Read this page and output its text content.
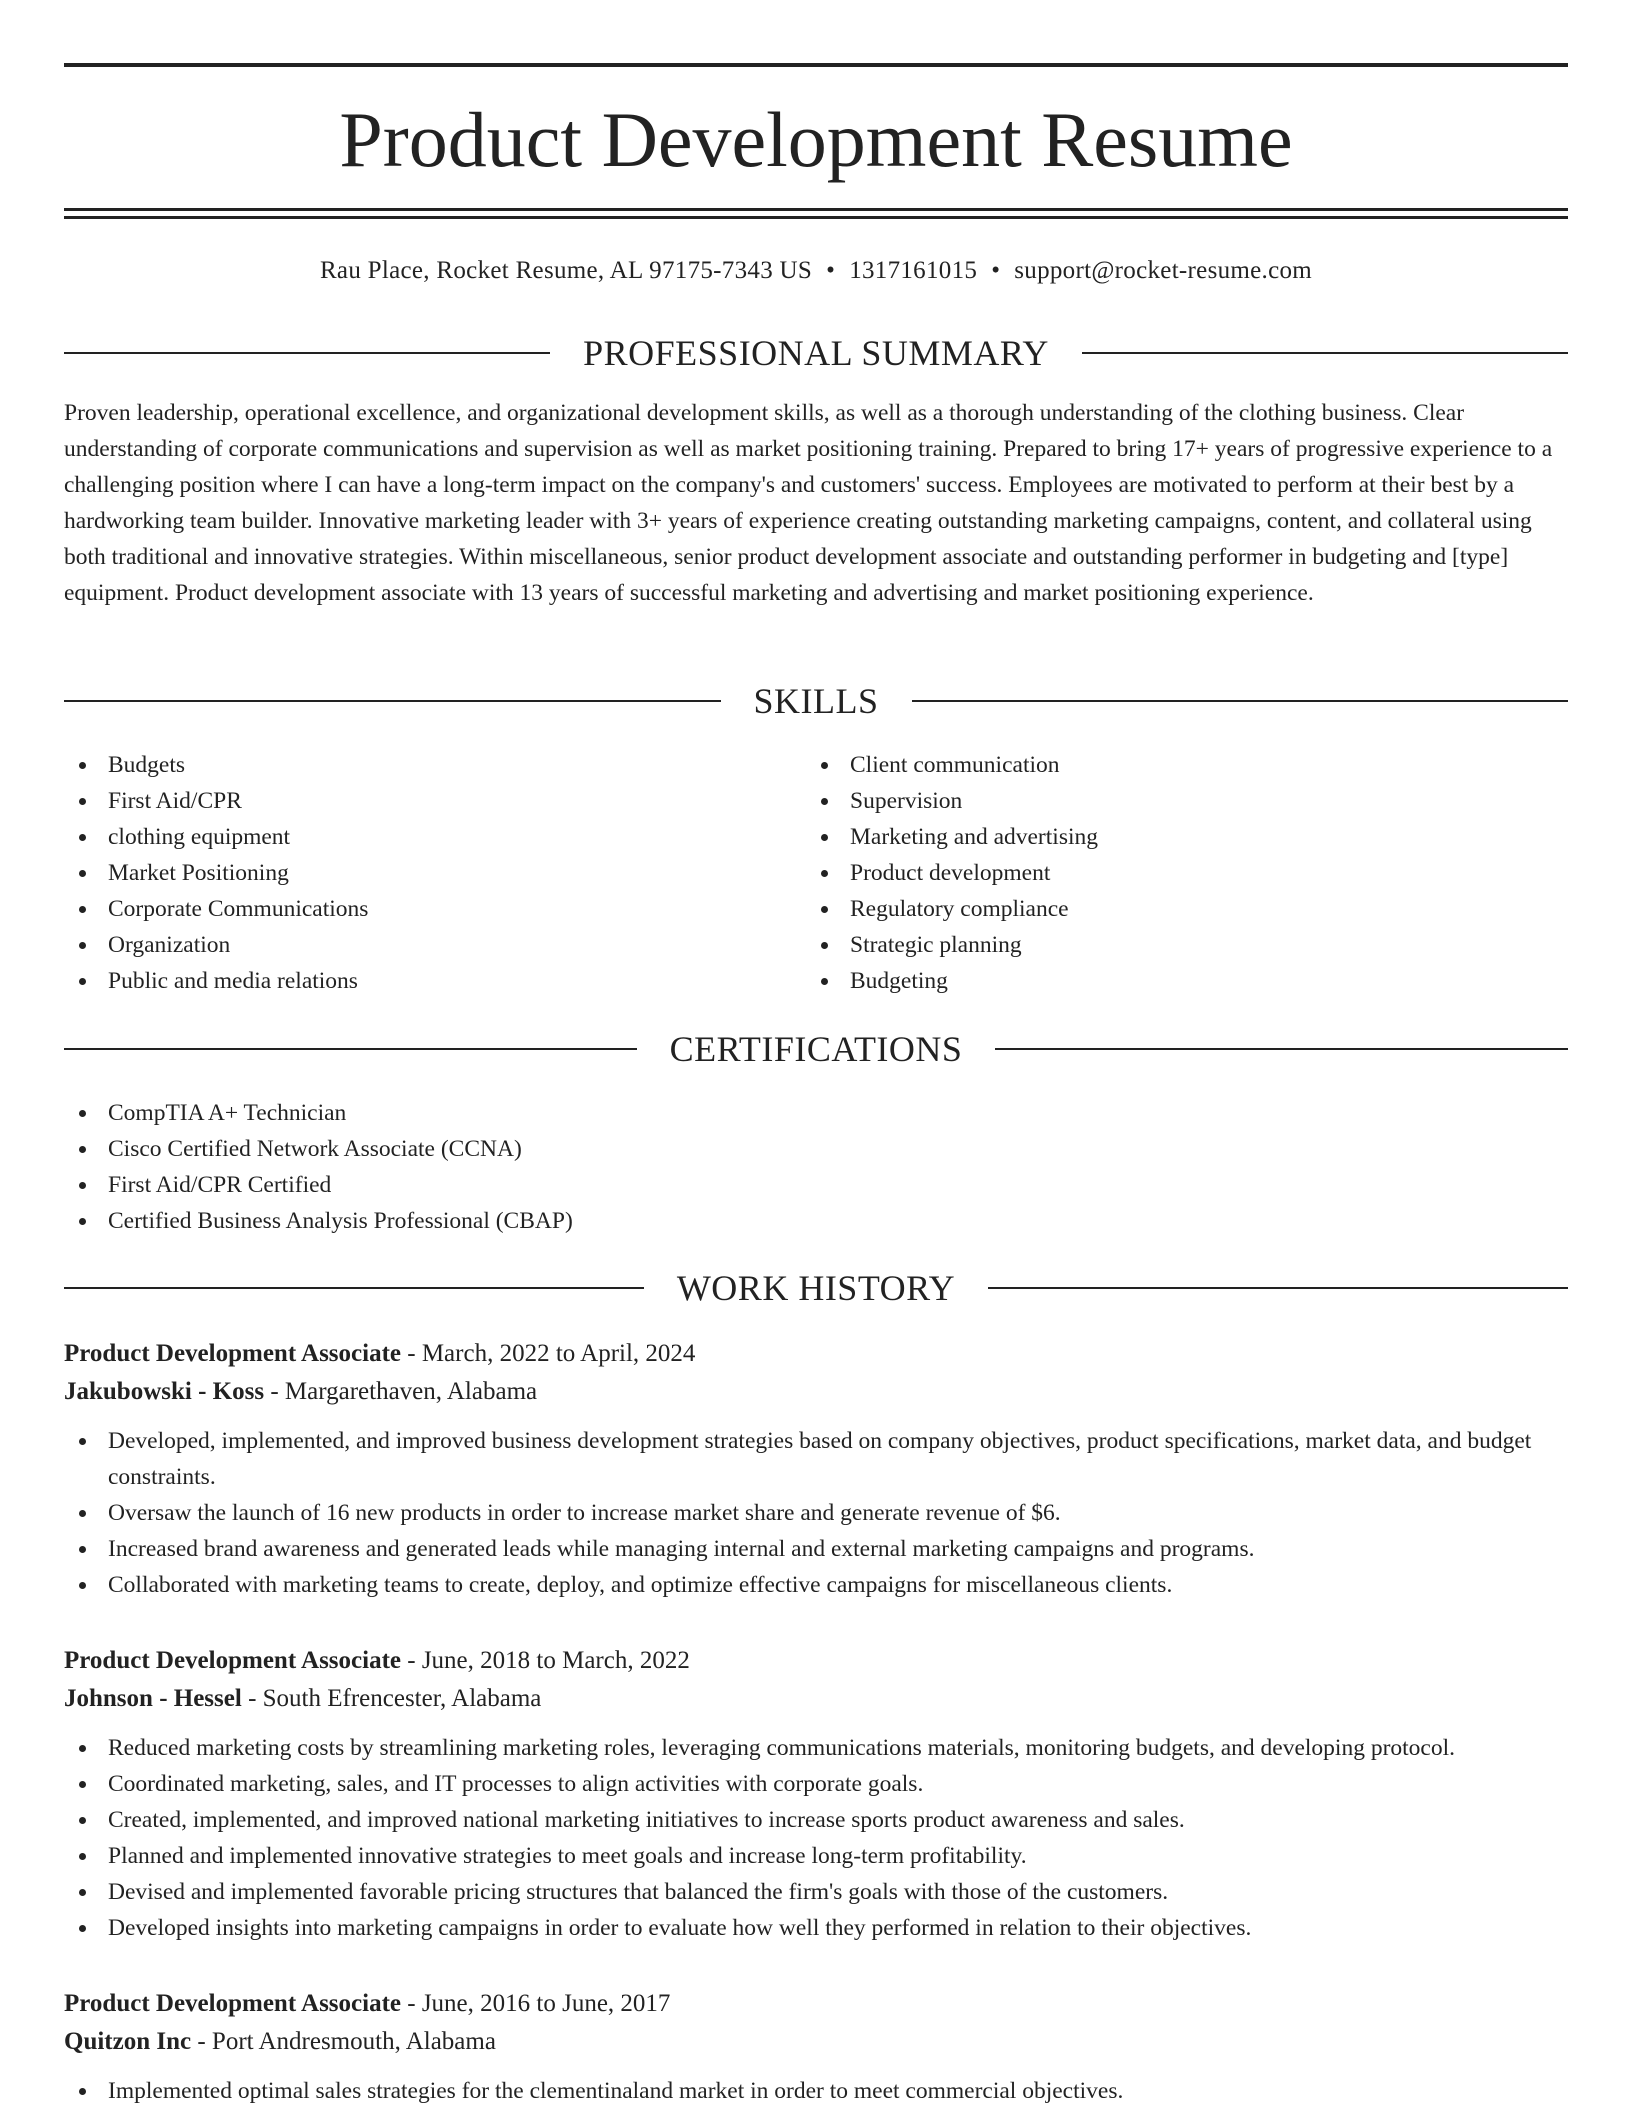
Product Development Resume
Rau Place, Rocket Resume, AL 97175-7343 US • 1317161015 • support@rocket-resume.com
PROFESSIONAL SUMMARY

Proven leadership, operational excellence, and organizational development skills, as well as a thorough understanding of the clothing business. Clear understanding of corporate communications and supervision as well as market positioning training. Prepared to bring 17+ years of progressive experience to a challenging position where I can have a long-term impact on the company's and customers' success. Employees are motivated to perform at their best by a hardworking team builder. Innovative marketing leader with 3+ years of experience creating outstanding marketing campaigns, content, and collateral using both traditional and innovative strategies. Within miscellaneous, senior product development associate and outstanding performer in budgeting and [type] equipment. Product development associate with 13 years of successful marketing and advertising and market positioning experience.

SKILLS
Budgets
First Aid/CPR
clothing equipment
Market Positioning
Corporate Communications
Organization
Public and media relations
Client communication
Supervision
Marketing and advertising
Product development
Regulatory compliance
Strategic planning
Budgeting
CERTIFICATIONS
CompTIA A+ Technician
Cisco Certified Network Associate (CCNA)
First Aid/CPR Certified
Certified Business Analysis Professional (CBAP)
WORK HISTORY
Product Development Associate - March, 2022 to April, 2024
Jakubowski - Koss - Margarethaven, Alabama
Developed, implemented, and improved business development strategies based on company objectives, product specifications, market data, and budget constraints.
Oversaw the launch of 16 new products in order to increase market share and generate revenue of $6.
Increased brand awareness and generated leads while managing internal and external marketing campaigns and programs.
Collaborated with marketing teams to create, deploy, and optimize effective campaigns for miscellaneous clients.
Product Development Associate - June, 2018 to March, 2022
Johnson - Hessel - South Efrencester, Alabama
Reduced marketing costs by streamlining marketing roles, leveraging communications materials, monitoring budgets, and developing protocol.
Coordinated marketing, sales, and IT processes to align activities with corporate goals.
Created, implemented, and improved national marketing initiatives to increase sports product awareness and sales.
Planned and implemented innovative strategies to meet goals and increase long-term profitability.
Devised and implemented favorable pricing structures that balanced the firm's goals with those of the customers.
Developed insights into marketing campaigns in order to evaluate how well they performed in relation to their objectives.
Product Development Associate - June, 2016 to June, 2017
Quitzon Inc - Port Andresmouth, Alabama
Implemented optimal sales strategies for the clementinaland market in order to meet commercial objectives.
